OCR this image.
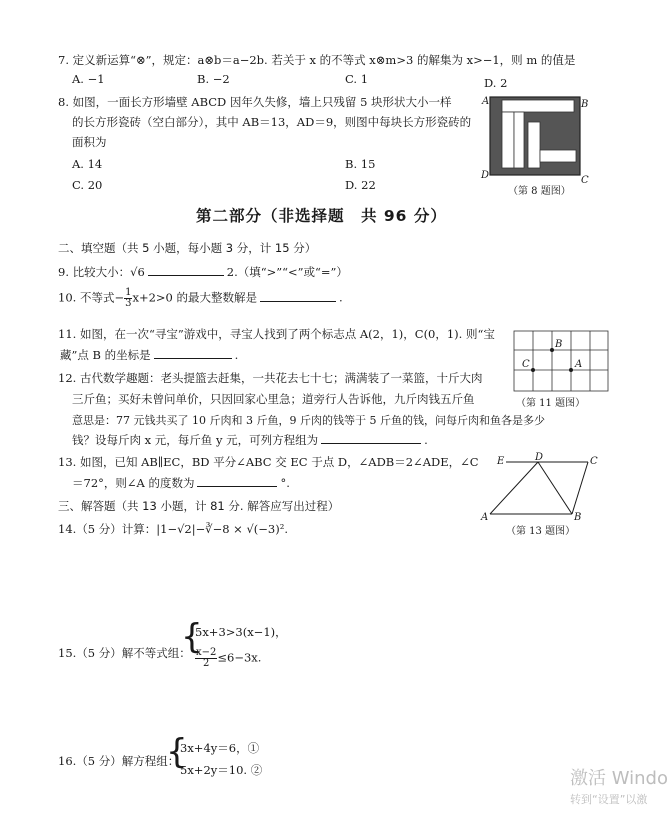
7. 定义新运算“⊗”，规定：a⊗b＝a−2b. 若关于 x 的不等式 x⊗m>3 的解集为 x>−1，则 m 的值是
A. −1	B. −2	C. 1	D. 2
8. 如图，一面长方形墙壁 ABCD 因年久失修，墙上只残留 5 块形状大小一样
的长方形瓷砖（空白部分），其中 AB＝13，AD＝9，则图中每块长方形瓷砖的
面积为
A. 14	B. 15
C. 20	D. 22
A	B
C
D
（第 8 题图）
第二部分（非选择题　共 96 分）
二、填空题（共 5 小题，每小题 3 分，计 15 分）
9. 比较大小：√6	2.（填“>”“<”或“=”）
10. 不等式− $\frac{1}{3} x+2>0$ 的最大整数解是	.
11. 如图，在一次“寻宝”游戏中，寻宝人找到了两个标志点 A(2，1)，C(0，1). 则“宝
藏”点 B 的坐标是	.
C
B
A
（第 11 题图）
12. 古代数学趣题：老头提篮去赶集，一共花去七十七；满满装了一菜篮，十斤大肉
三斤鱼；买好未曾问单价，只因回家心里急；道旁行人告诉他，九斤肉钱五斤鱼
意思是：77 元钱共买了 10 斤肉和 3 斤鱼，9 斤肉的钱等于 5 斤鱼的钱，问每斤肉和鱼各是多少
钱？设每斤肉 x 元，每斤鱼 y 元，可列方程组为	.
13. 如图，已知 AB∥EC，BD 平分∠ABC 交 EC 于点 D，∠ADB＝2∠ADE，∠C
＝72°，则∠A 的度数为	°.
E	D	C
A	B
（第 13 题图）
三、解答题（共 13 小题，计 81 分. 解答应写出过程）
14.（5 分）计算：|1−√2|−∛−8 × √(−3)².
15.（5 分）解不等式组：
{
5x+3>3(x−1)，
$\frac{x-2}{2} \le 6-3x$.
16.（5 分）解方程组：
{
3x+4y＝6，①
5x+2y＝10. ②	激活 Windo
转到“设置”以激
